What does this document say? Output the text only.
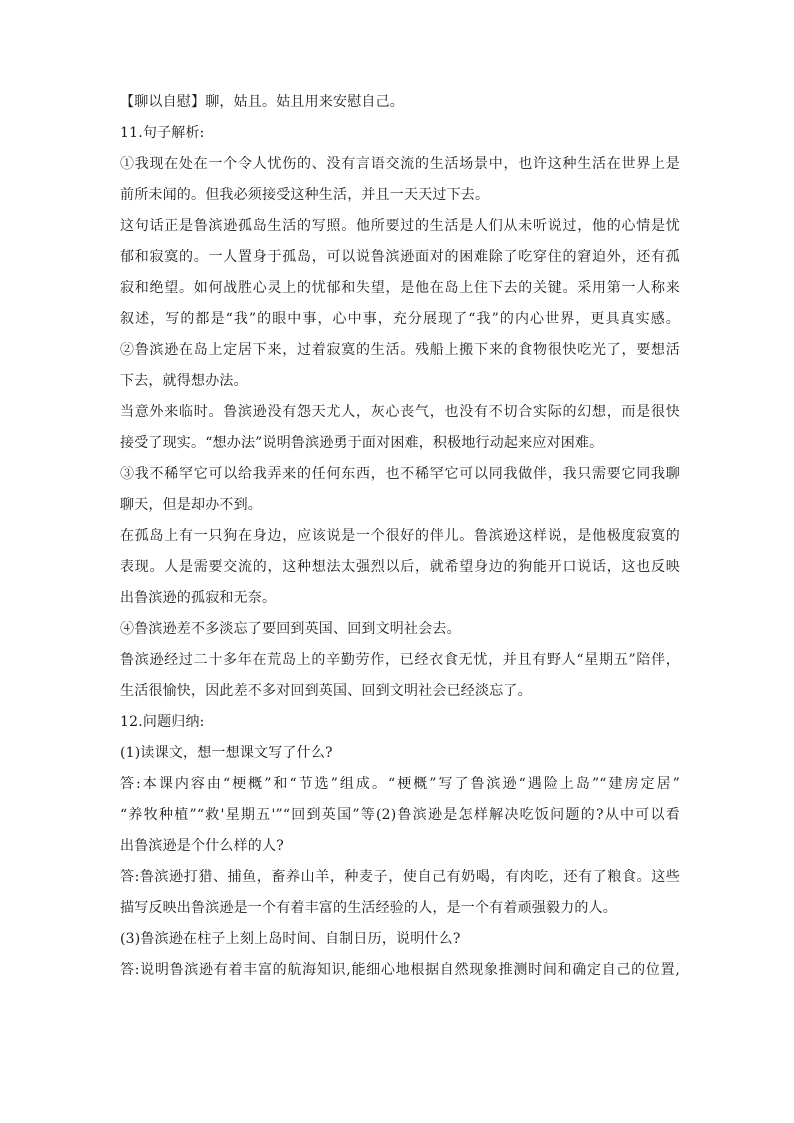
【聊以自慰】聊，姑且。姑且用来安慰自己。
11.句子解析:
①我现在处在一个令人忧伤的、没有言语交流的生活场景中，也许这种生活在世界上是
前所未闻的。但我必须接受这种生活，并且一天天过下去。
这句话正是鲁滨逊孤岛生活的写照。他所要过的生活是人们从未听说过，他的心情是忧
郁和寂寞的。一人置身于孤岛，可以说鲁滨逊面对的困难除了吃穿住的窘迫外，还有孤
寂和绝望。如何战胜心灵上的忧郁和失望，是他在岛上住下去的关键。采用第一人称来
叙述，写的都是“我”的眼中事，心中事，充分展现了“我”的内心世界，更具真实感。
②鲁滨逊在岛上定居下来，过着寂寞的生活。残船上搬下来的食物很快吃光了，要想活
下去，就得想办法。
当意外来临时。鲁滨逊没有怨天尤人，灰心丧气，也没有不切合实际的幻想，而是很快
接受了现实。“想办法”说明鲁滨逊勇于面对困难，积极地行动起来应对困难。
③我不稀罕它可以给我弄来的任何东西，也不稀罕它可以同我做伴，我只需要它同我聊
聊天，但是却办不到。
在孤岛上有一只狗在身边，应该说是一个很好的伴儿。鲁滨逊这样说，是他极度寂寞的
表现。人是需要交流的，这种想法太强烈以后，就希望身边的狗能开口说话，这也反映
出鲁滨逊的孤寂和无奈。
④鲁滨逊差不多淡忘了要回到英国、回到文明社会去。
鲁滨逊经过二十多年在荒岛上的辛勤劳作，已经衣食无忧，并且有野人“星期五”陪伴，
生活很愉快，因此差不多对回到英国、回到文明社会已经淡忘了。
12.问题归纳:
(1)读课文，想一想课文写了什么?
答:本课内容由“梗概”和“节选”组成。“梗概”写了鲁滨逊“遇险上岛”“建房定居”
“养牧种植”“救'星期五'”“回到英国”等(2)鲁滨逊是怎样解决吃饭问题的?从中可以看
出鲁滨逊是个什么样的人?
答:鲁滨逊打猎、捕鱼，畜养山羊，种麦子，使自己有奶喝，有肉吃，还有了粮食。这些
描写反映出鲁滨逊是一个有着丰富的生活经验的人，是一个有着顽强毅力的人。
(3)鲁滨逊在柱子上刻上岛时间、自制日历，说明什么?
答:说明鲁滨逊有着丰富的航海知识,能细心地根据自然现象推测时间和确定自己的位置,
